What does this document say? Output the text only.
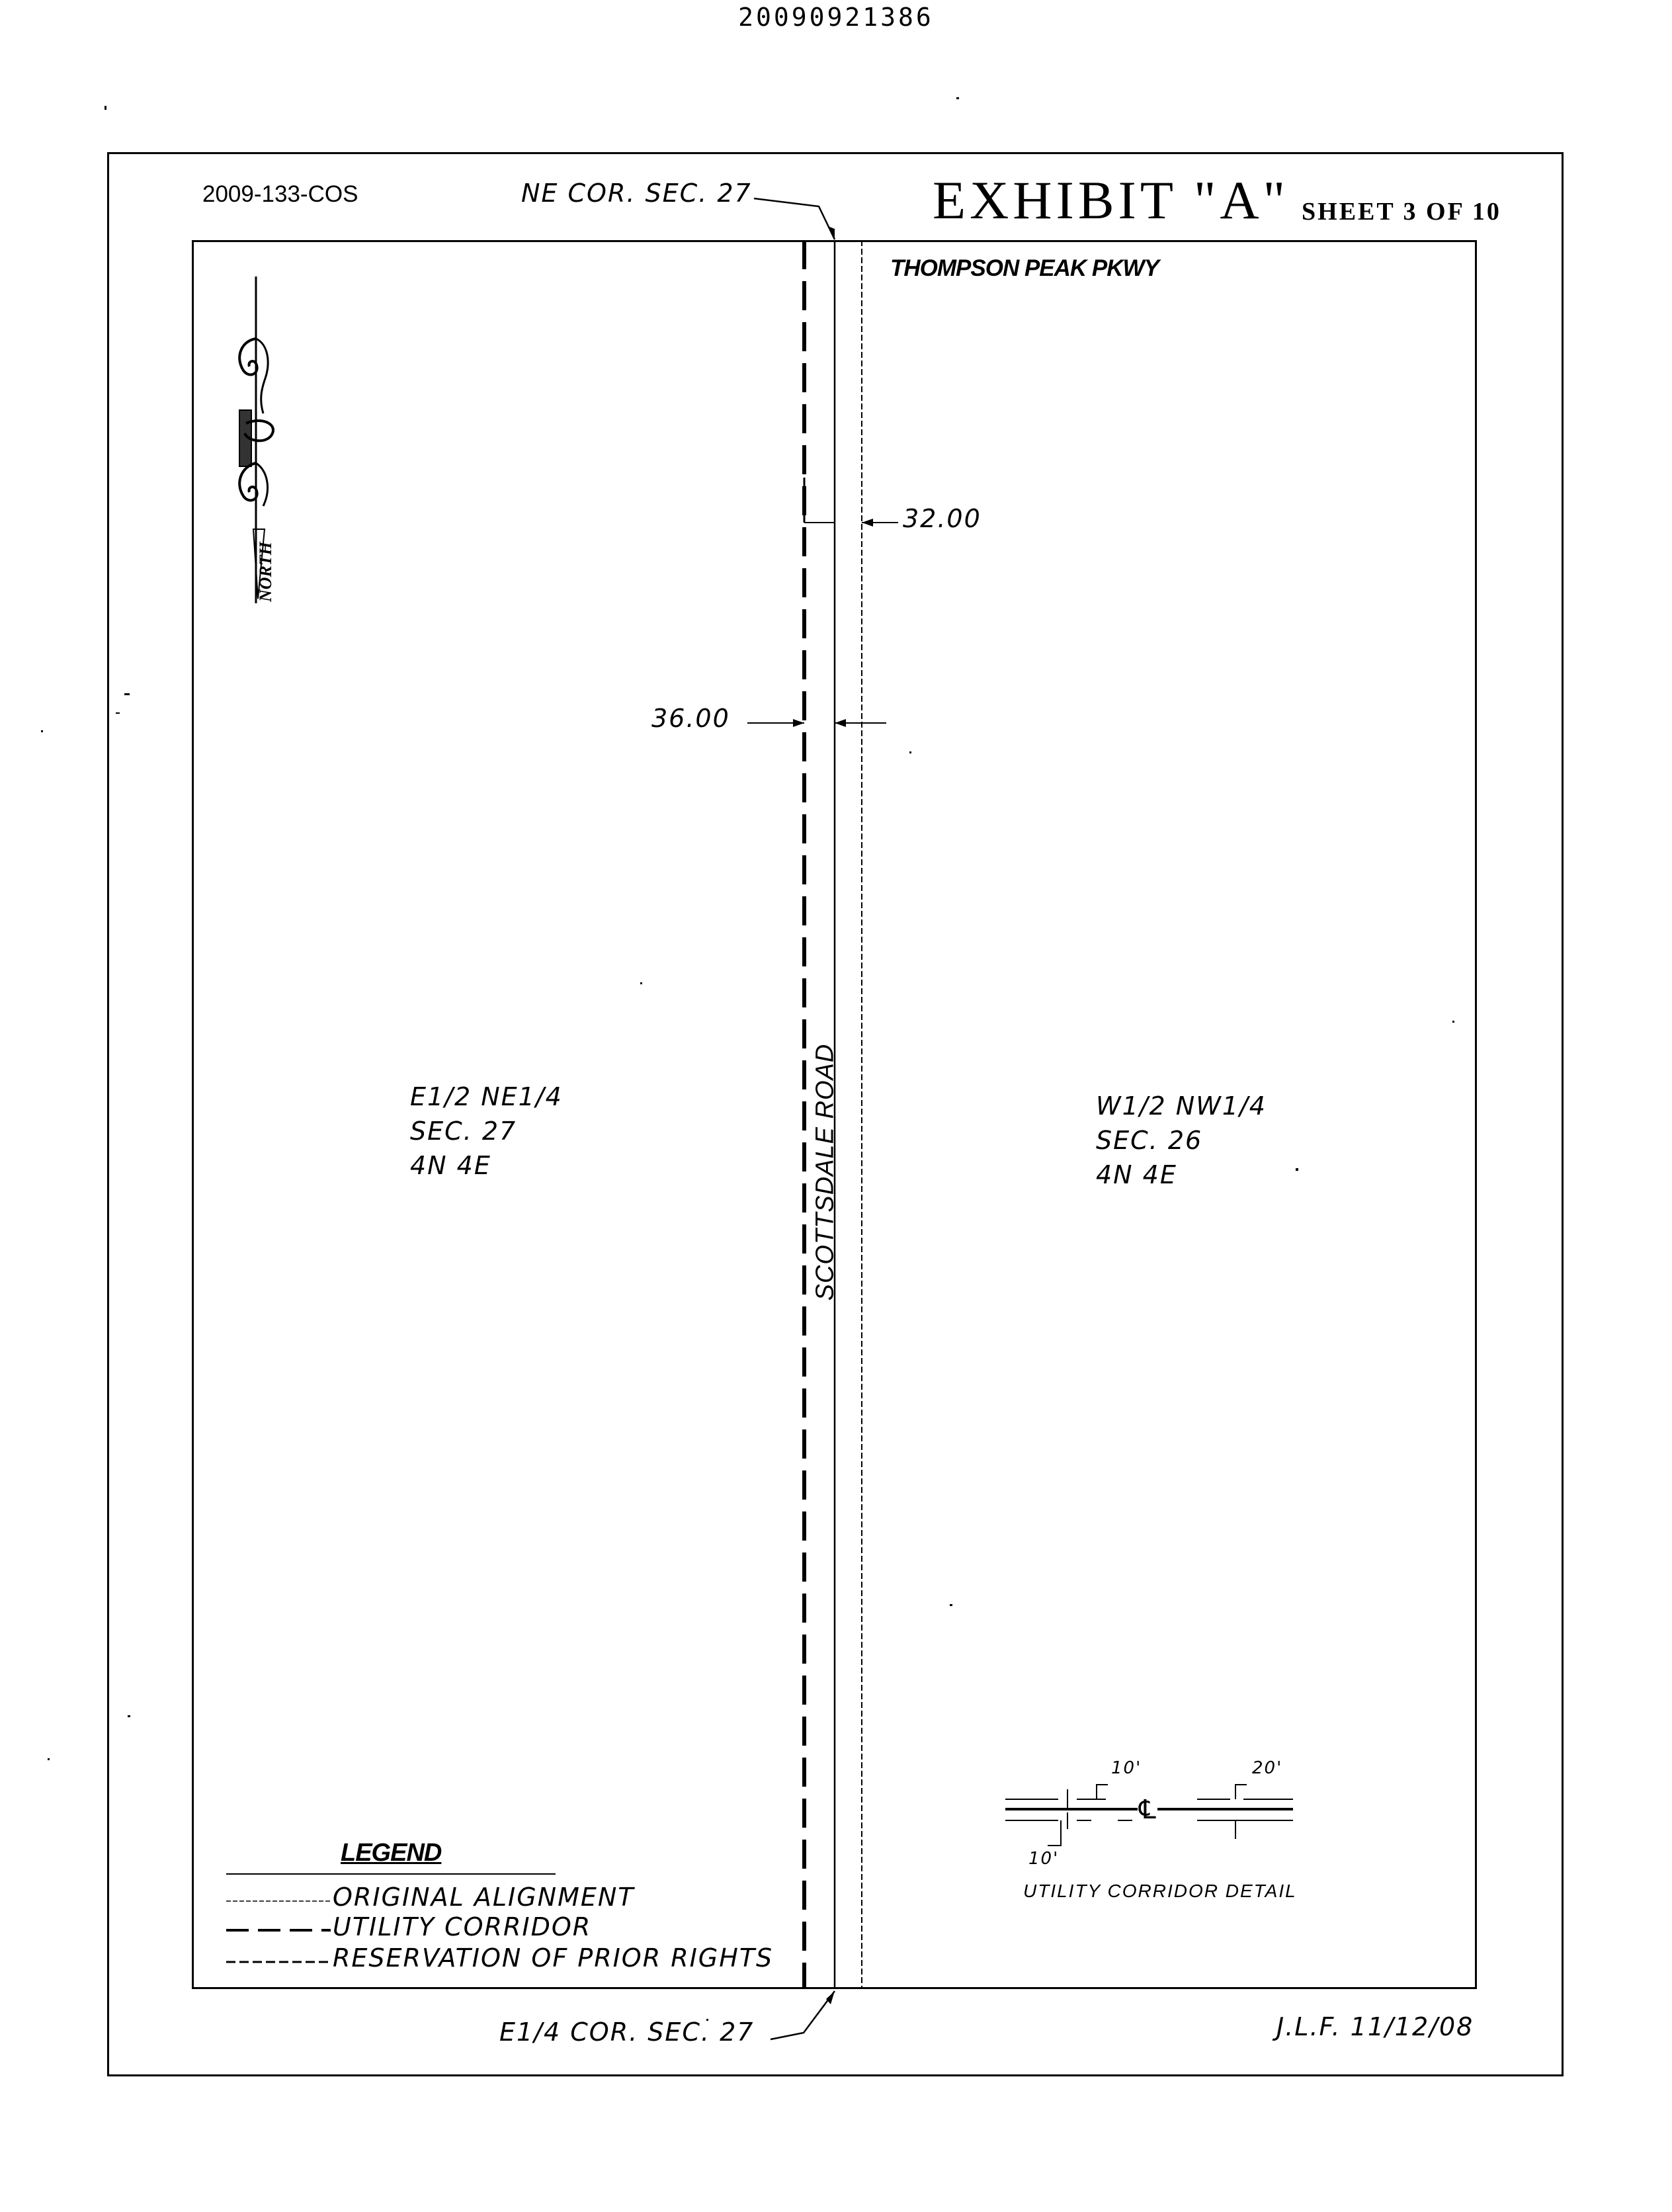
20090921386
2009-133-COS	NE COR. SEC. 27	EXHIBIT "A" SHEET 3 OF 10
NORTH
THOMPSON PEAK PKWY
32.00
36.00
E1/2 NE1/4
SEC. 27
4N 4E
W1/2 NW1/4
SEC. 26
4N 4E
SCOTTSDALE ROAD
LEGEND
ORIGINAL ALIGNMENT
UTILITY CORRIDOR
RESERVATION OF PRIOR RIGHTS
10'	20'
10'
℄
UTILITY CORRIDOR DETAIL
E1/4 COR. SEC. 27	J.L.F. 11/12/08
